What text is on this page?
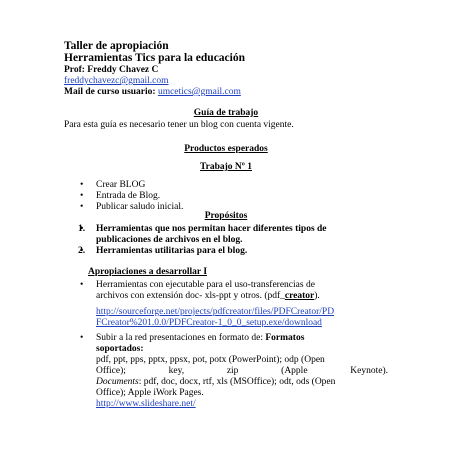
Taller de apropiación
Herramientas Tics para la educación
Prof: Freddy Chavez C
freddychavezc@gmail.com
Mail de curso usuario: umcetics@gmail.com
Guía de trabajo
Para esta guía es necesario tener un blog con cuenta vigente.
Productos esperados
Trabajo Nº 1
• Crear BLOG
• Entrada de Blog.
• Publicar saludo inicial.
Propósitos
• 1. Herramientas que nos permitan hacer diferentes tipos de
publicaciones de archivos en el blog.
• 2. Herramientas utilitarias para el blog.
Apropiaciones a desarrollar I
• Herramientas con ejecutable para el uso-transferencias de
archivos con extensión doc- xls-ppt y otros. (pdf_creator).
http://sourceforge.net/projects/pdfcreator/files/PDFCreator/PD
FCreator%201.0.0/PDFCreator-1_0_0_setup.exe/download
• Subir a la red presentaciones en formato de: Formatos
soportados:
pdf, ppt, pps, pptx, ppsx, pot, potx (PowerPoint); odp (Open
Office);	key,	zip	(Apple	Keynote).
Documents: pdf, doc, docx, rtf, xls (MSOffice); odt, ods (Open
Office); Apple iWork Pages.
http://www.slideshare.net/
